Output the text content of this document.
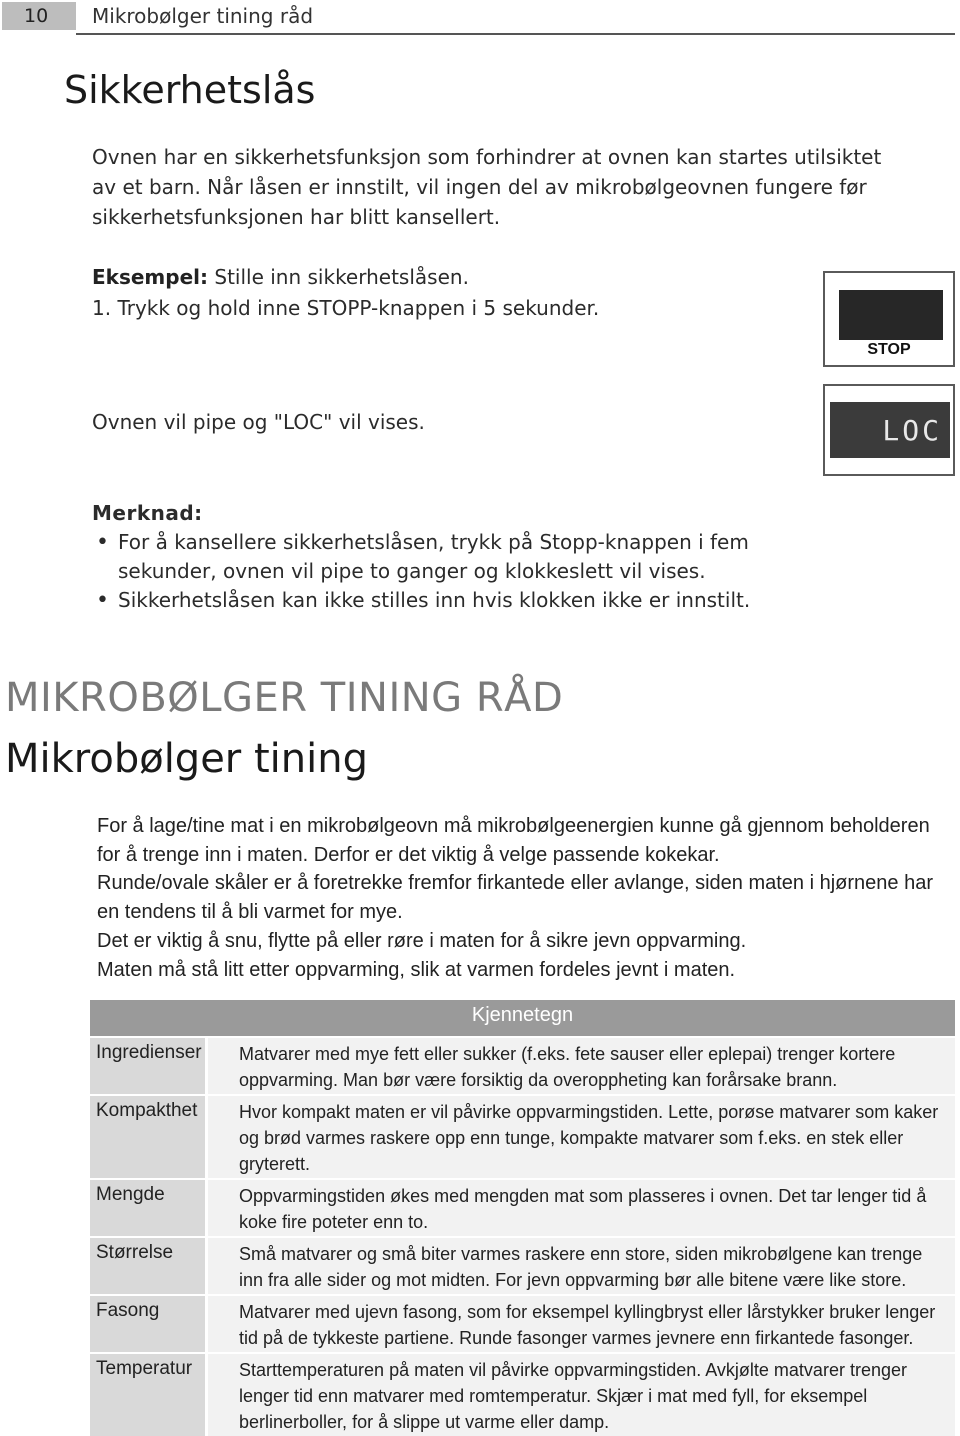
10	Mikrobølger tining råd
Sikkerhetslås
Ovnen har en sikkerhetsfunksjon som forhindrer at ovnen kan startes utilsiktet av et barn. Når låsen er innstilt, vil ingen del av mikrobølgeovnen fungere før sikkerhetsfunksjonen har blitt kansellert.
Eksempel: Stille inn sikkerhetslåsen.
1. Trykk og hold inne STOPP-knappen i 5 sekunder.
Ovnen vil pipe og "LOC" vil vises.
Merknad:
• For å kansellere sikkerhetslåsen, trykk på Stopp-knappen i fem sekunder, ovnen vil pipe to ganger og klokkeslett vil vises.
• Sikkerhetslåsen kan ikke stilles inn hvis klokken ikke er innstilt.
STOP
LOC
MIKROBØLGER TINING RÅD
Mikrobølger tining

For å lage/tine mat i en mikrobølgeovn må mikrobølgeenergien kunne gå gjennom beholderen for å trenge inn i maten. Derfor er det viktig å velge passende kokekar.

Runde/ovale skåler er å foretrekke fremfor firkantede eller avlange, siden maten i hjørnene har en tendens til å bli varmet for mye.

Det er viktig å snu, flytte på eller røre i maten for å sikre jevn oppvarming.

Maten må stå litt etter oppvarming, slik at varmen fordeles jevnt i maten.

Kjennetegn
Ingredienser	Matvarer med mye fett eller sukker (f.eks. fete sauser eller eplepai) trenger kortere oppvarming. Man bør være forsiktig da overoppheting kan forårsake brann.
Kompakthet	Hvor kompakt maten er vil påvirke oppvarmingstiden. Lette, porøse matvarer som kaker og brød varmes raskere opp enn tunge, kompakte matvarer som f.eks. en stek eller gryterett.
Mengde	Oppvarmingstiden økes med mengden mat som plasseres i ovnen. Det tar lenger tid å koke fire poteter enn to.
Størrelse	Små matvarer og små biter varmes raskere enn store, siden mikrobølgene kan trenge inn fra alle sider og mot midten. For jevn oppvarming bør alle bitene være like store.
Fasong	Matvarer med ujevn fasong, som for eksempel kyllingbryst eller lårstykker bruker lenger tid på de tykkeste partiene. Runde fasonger varmes jevnere enn firkantede fasonger.
Temperatur	Starttemperaturen på maten vil påvirke oppvarmingstiden. Avkjølte matvarer trenger lenger tid enn matvarer med romtemperatur. Skjær i mat med fyll, for eksempel berlinerboller, for å slippe ut varme eller damp.
